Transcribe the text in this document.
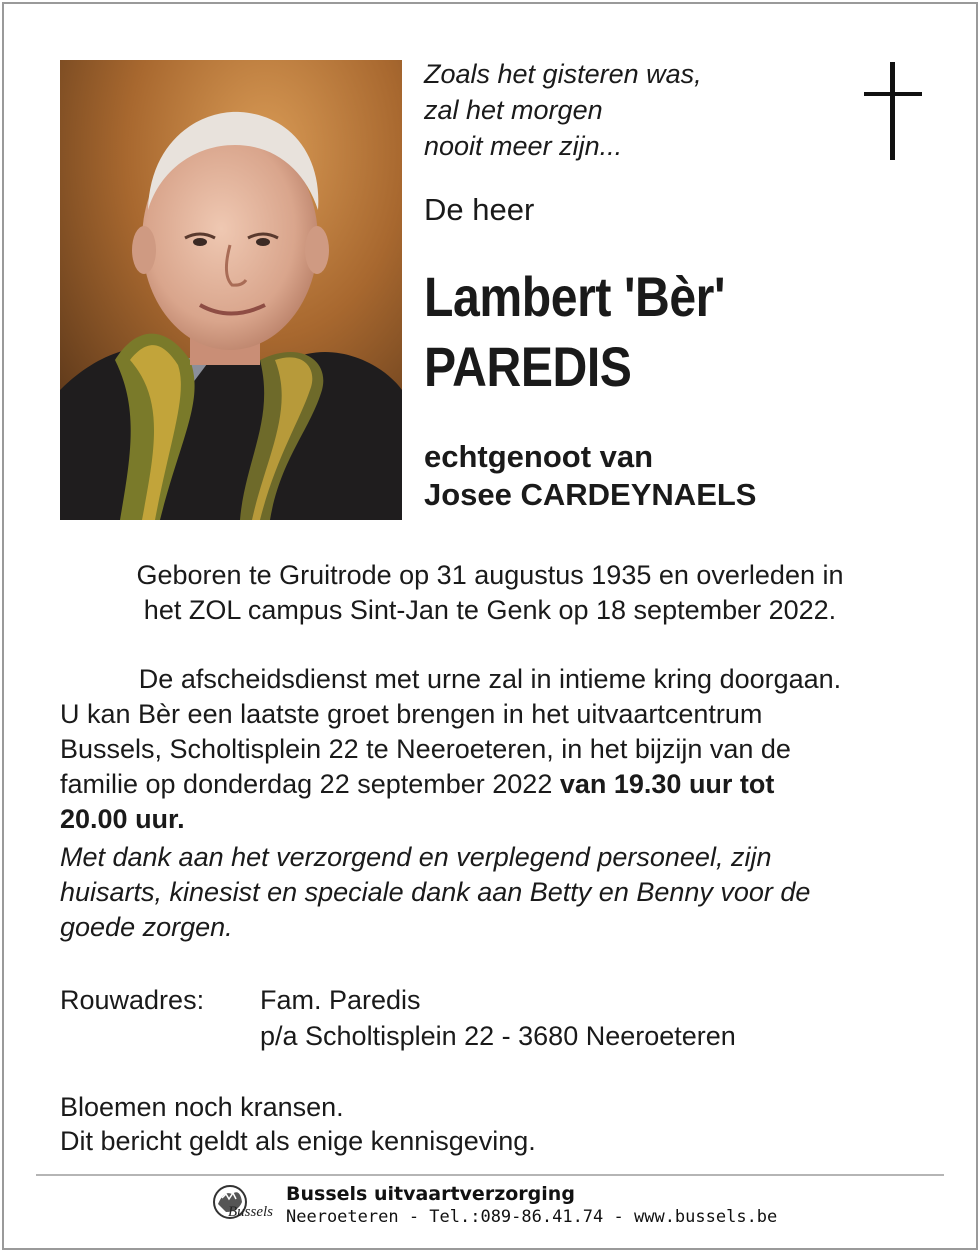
Zoals het gisteren was,
zal het morgen
nooit meer zijn...
De heer
Lambert 'Bèr'
PAREDIS
echtgenoot van
Josee CARDEYNAELS
Geboren te Gruitrode op 31 augustus 1935 en overleden in
het ZOL campus Sint-Jan te Genk op 18 september 2022.
De afscheidsdienst met urne zal in intieme kring doorgaan.
U kan Bèr een laatste groet brengen in het uitvaartcentrum
Bussels, Scholtisplein 22 te Neeroeteren, in het bijzijn van de
familie op donderdag 22 september 2022 van 19.30 uur tot
20.00 uur.
Met dank aan het verzorgend en verplegend personeel, zijn
huisarts, kinesist en speciale dank aan Betty en Benny voor de
goede zorgen.
Rouwadres: Fam. Paredis
p/a Scholtisplein 22 - 3680 Neeroeteren
Bloemen noch kransen.
Dit bericht geldt als enige kennisgeving.
Bussels
Bussels uitvaartverzorging
Neeroeteren - Tel.:089-86.41.74 - www.bussels.be
